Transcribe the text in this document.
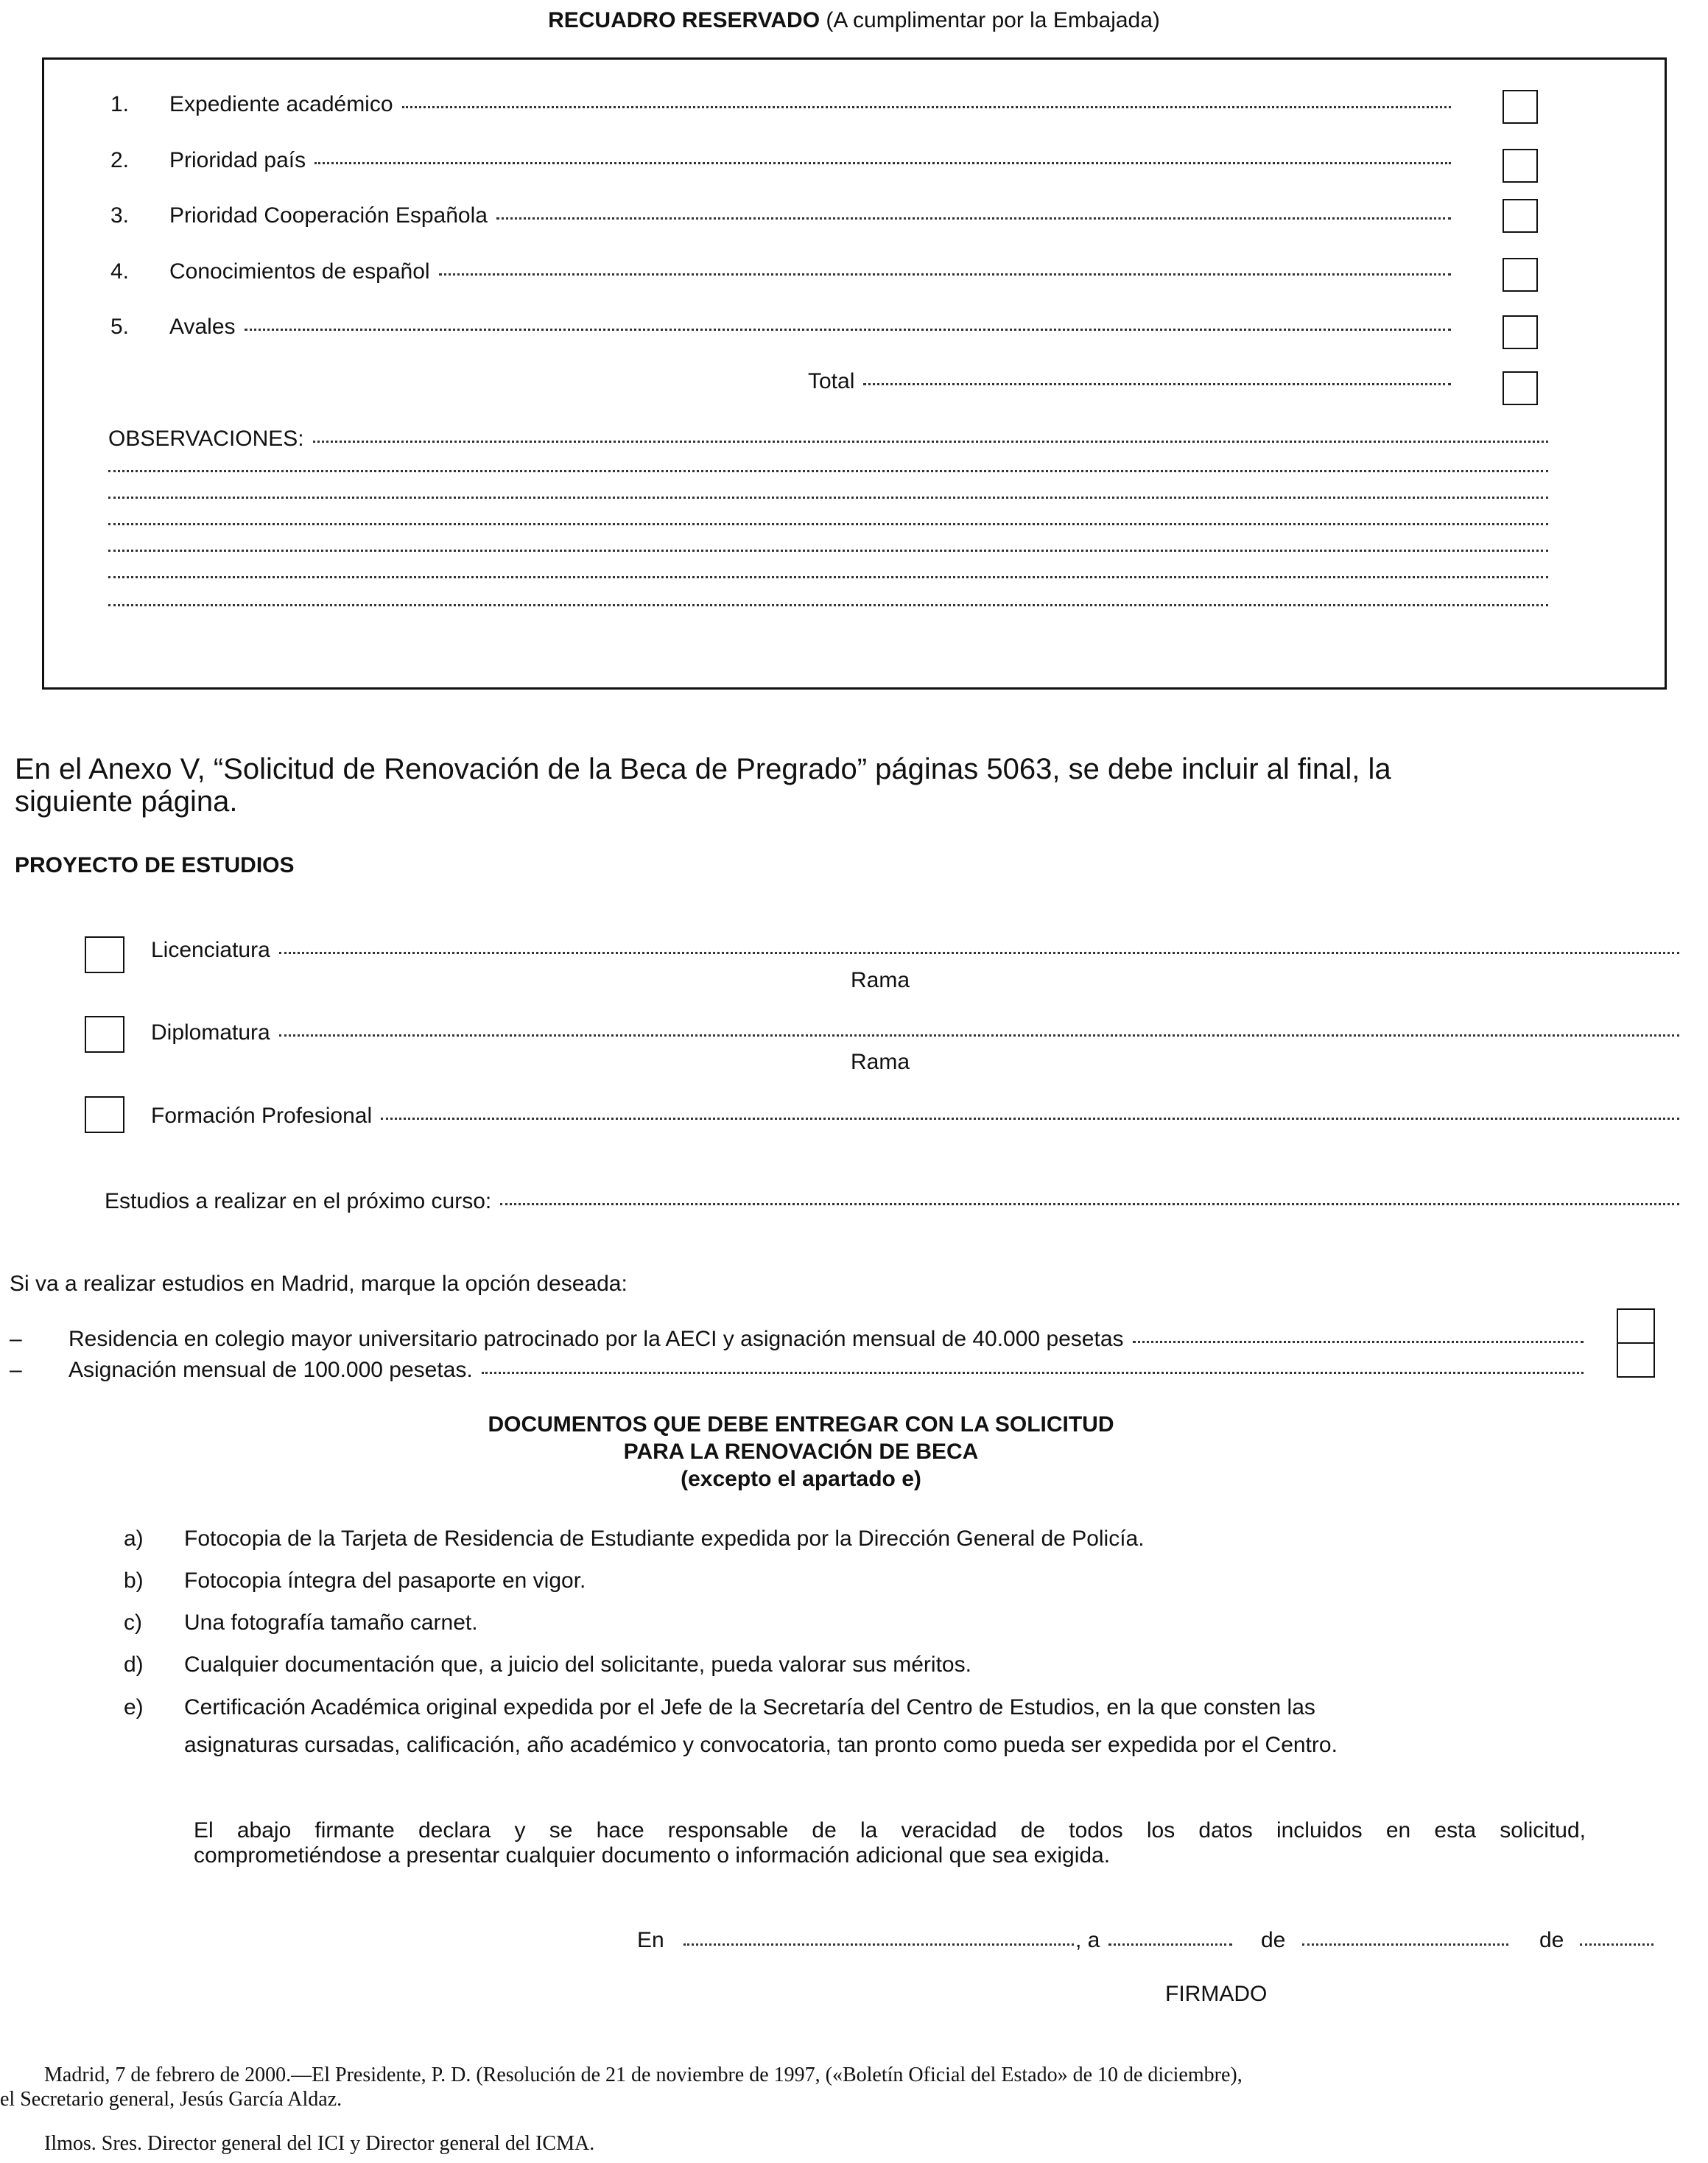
RECUADRO RESERVADO (A cumplimentar por la Embajada)
1. Expediente académico
2. Prioridad país
3. Prioridad Cooperación Española
4. Conocimientos de español
5. Avales
Total
OBSERVACIONES:
En el Anexo V, “Solicitud de Renovación de la Beca de Pregrado” páginas 5063, se debe incluir al final, la
siguiente página.
PROYECTO DE ESTUDIOS
Licenciatura
Rama
Diplomatura
Rama
Formación Profesional
Estudios a realizar en el próximo curso:
Si va a realizar estudios en Madrid, marque la opción deseada:
– Residencia en colegio mayor universitario patrocinado por la AECI y asignación mensual de 40.000 pesetas
– Asignación mensual de 100.000 pesetas.
DOCUMENTOS QUE DEBE ENTREGAR CON LA SOLICITUD
PARA LA RENOVACIÓN DE BECA
(excepto el apartado e)
a) Fotocopia de la Tarjeta de Residencia de Estudiante expedida por la Dirección General de Policía.
b) Fotocopia íntegra del pasaporte en vigor.
c) Una fotografía tamaño carnet.
d) Cualquier documentación que, a juicio del solicitante, pueda valorar sus méritos.
e) Certificación Académica original expedida por el Jefe de la Secretaría del Centro de Estudios, en la que consten las
asignaturas cursadas, calificación, año académico y convocatoria, tan pronto como pueda ser expedida por el Centro.
El abajo firmante declara y se hace responsable de la veracidad de todos los datos incluidos en esta solicitud,
comprometiéndose a presentar cualquier documento o información adicional que sea exigida.
En	, a	de	de
FIRMADO
Madrid, 7 de febrero de 2000.—El Presidente, P. D. (Resolución de 21 de noviembre de 1997, («Boletín Oficial del Estado» de 10 de diciembre),
el Secretario general, Jesús García Aldaz.
Ilmos. Sres. Director general del ICI y Director general del ICMA.
